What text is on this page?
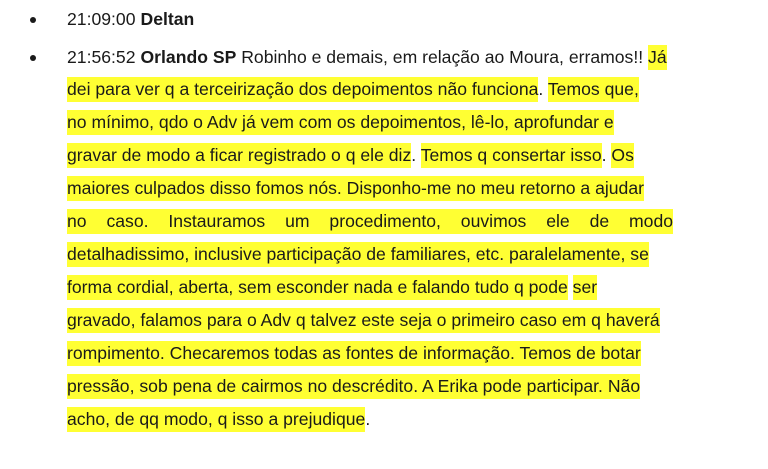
21:09:00 Deltan
21:56:52 Orlando SP Robinho e demais, em relação ao Moura, erramos!! Já
dei para ver q a terceirização dos depoimentos não funciona. Temos que,
no mínimo, qdo o Adv já vem com os depoimentos, lê-lo, aprofundar e
gravar de modo a ficar registrado o q ele diz. Temos q consertar isso. Os
maiores culpados disso fomos nós. Disponho-me no meu retorno a ajudar
no caso. Instauramos um procedimento, ouvimos ele de modo
detalhadissimo, inclusive participação de familiares, etc. paralelamente, se
forma cordial, aberta, sem esconder nada e falando tudo q pode ser
gravado, falamos para o Adv q talvez este seja o primeiro caso em q haverá
rompimento. Checaremos todas as fontes de informação. Temos de botar
pressão, sob pena de cairmos no descrédito. A Erika pode participar. Não
acho, de qq modo, q isso a prejudique.
